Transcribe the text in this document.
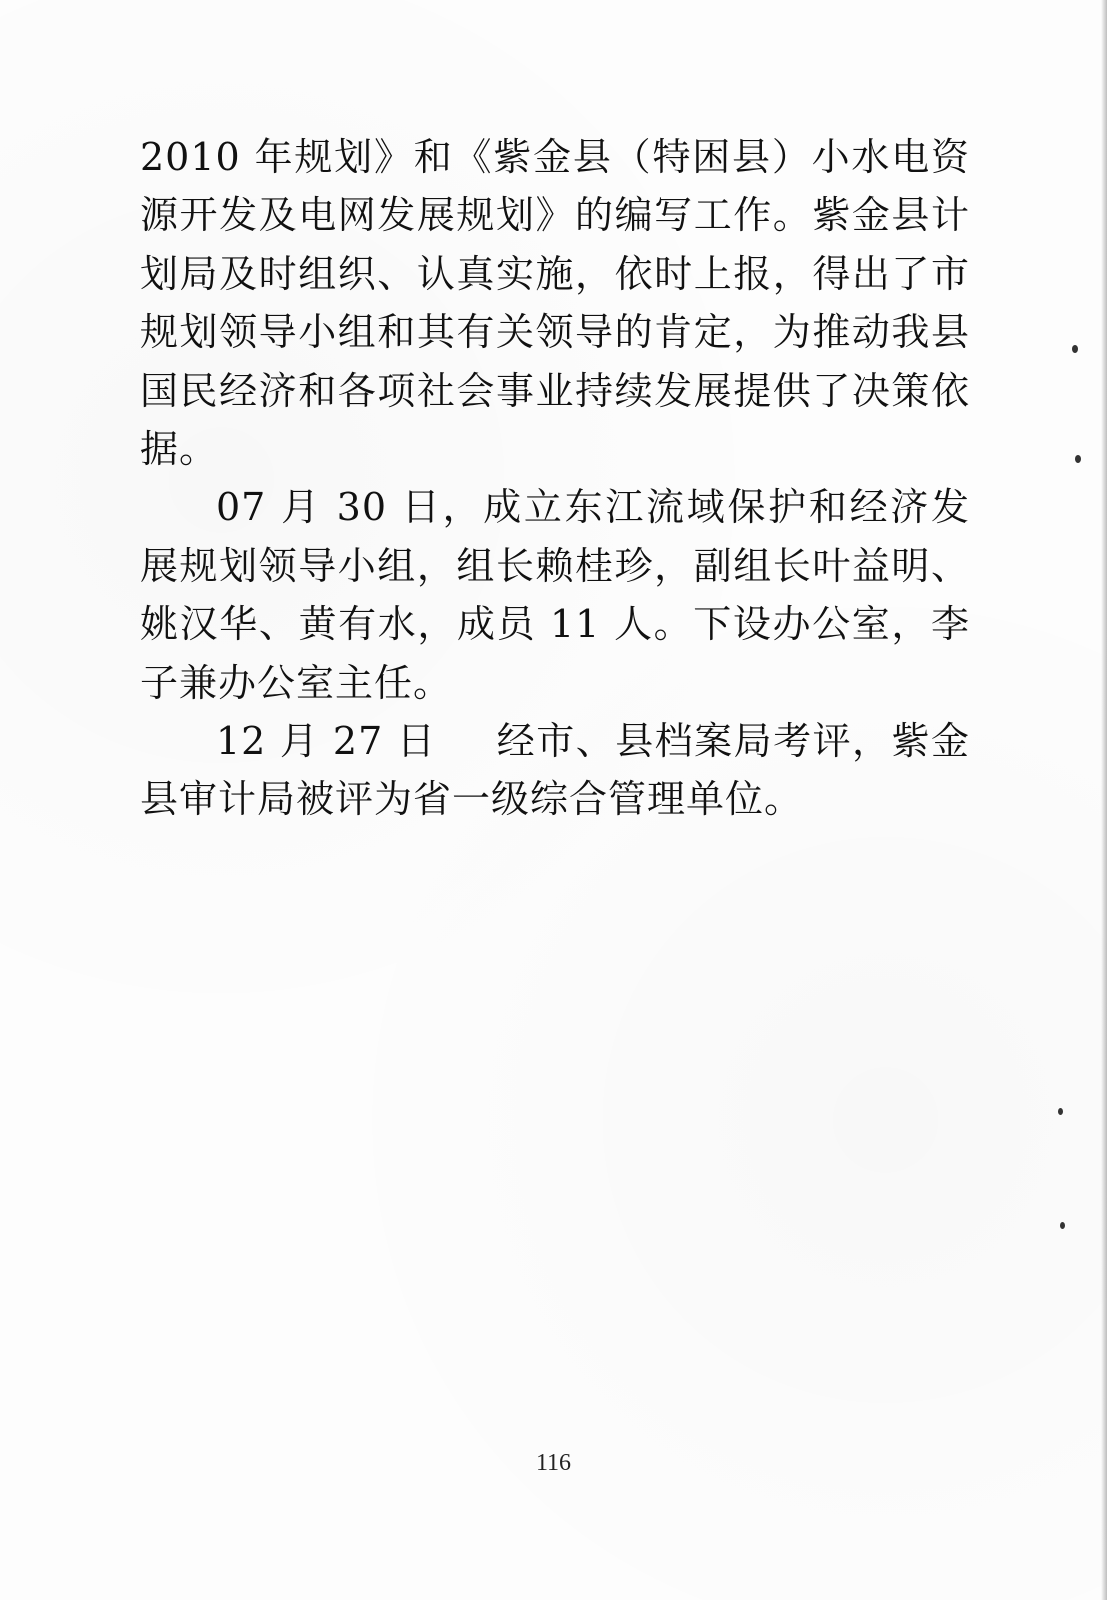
2010 年规划》和《紫金县（特困县）小水电资源开发及电网发展规划》的编写工作。紫金县计划局及时组织、认真实施，依时上报，得出了市规划领导小组和其有关领导的肯定，为推动我县国民经济和各项社会事业持续发展提供了决策依据。

07 月 30 日，成立东江流域保护和经济发展规划领导小组，组长赖桂珍，副组长叶益明、姚汉华、黄有水，成员 11 人。下设办公室，李子兼办公室主任。

12 月 27 日 经市、县档案局考评，紫金县审计局被评为省一级综合管理单位。

116
